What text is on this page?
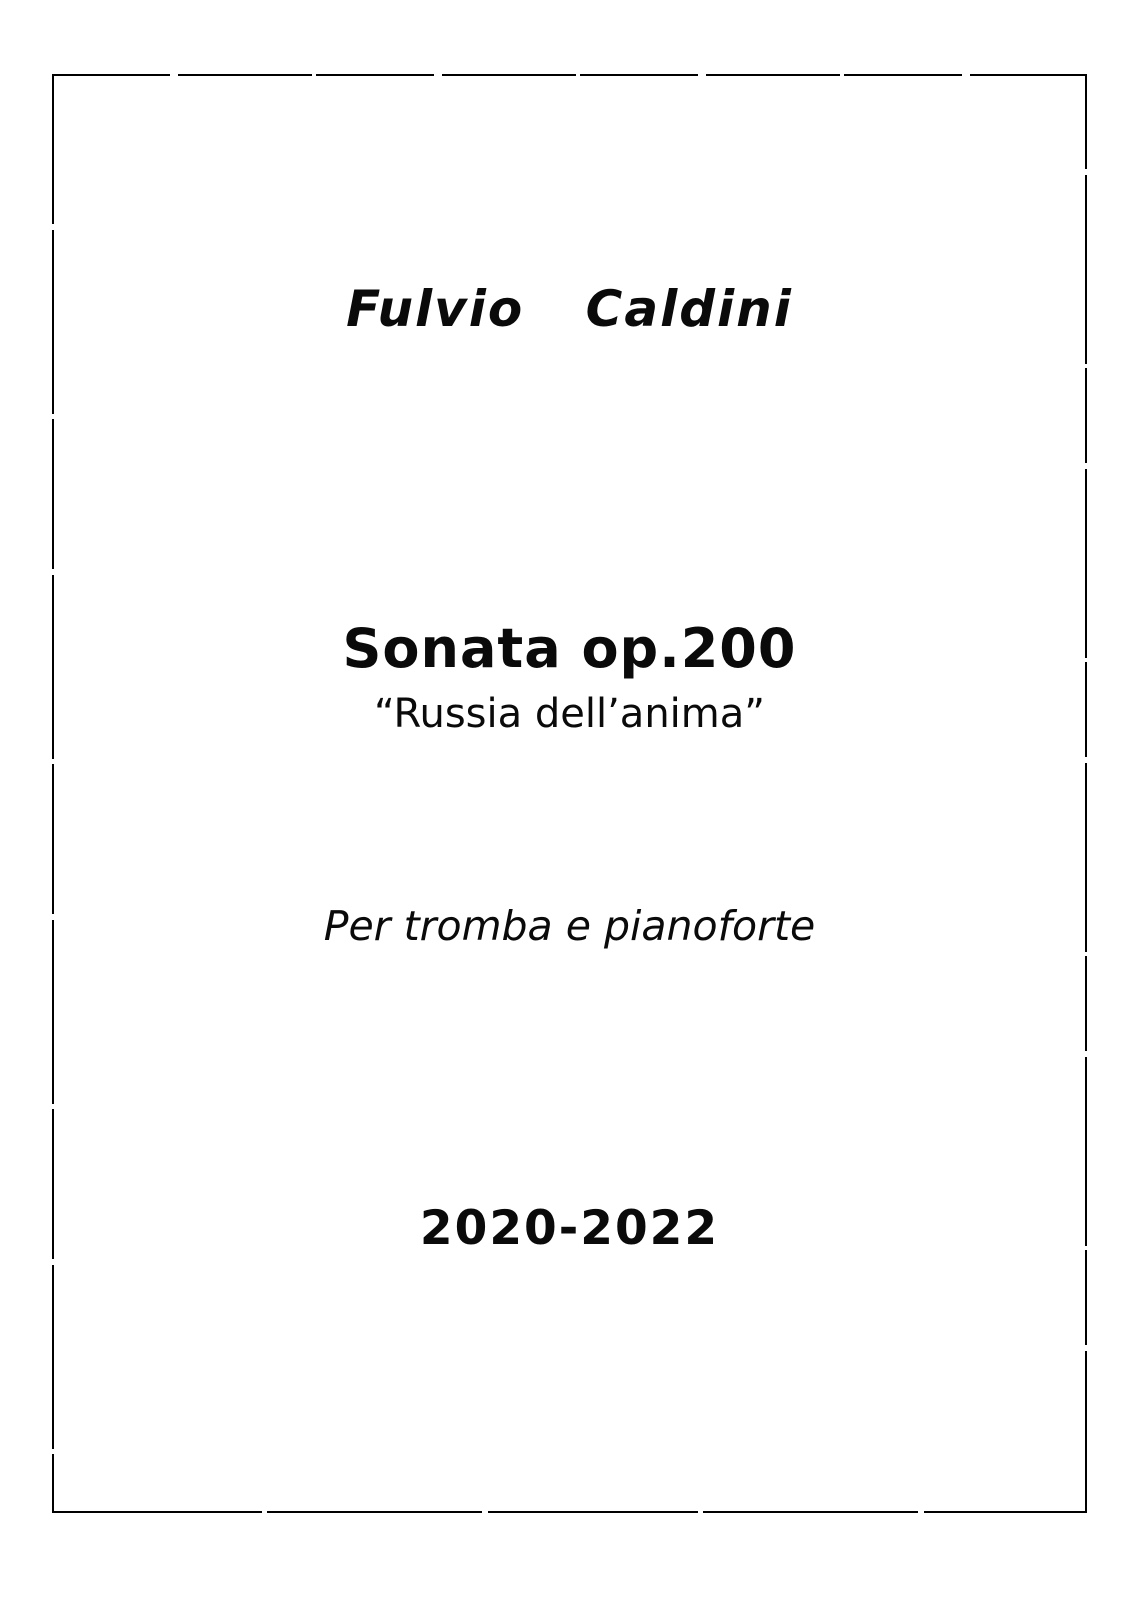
Fulvio Caldini
Sonata op.200
“Russia dell’anima”
Per tromba e pianoforte
2020-2022
